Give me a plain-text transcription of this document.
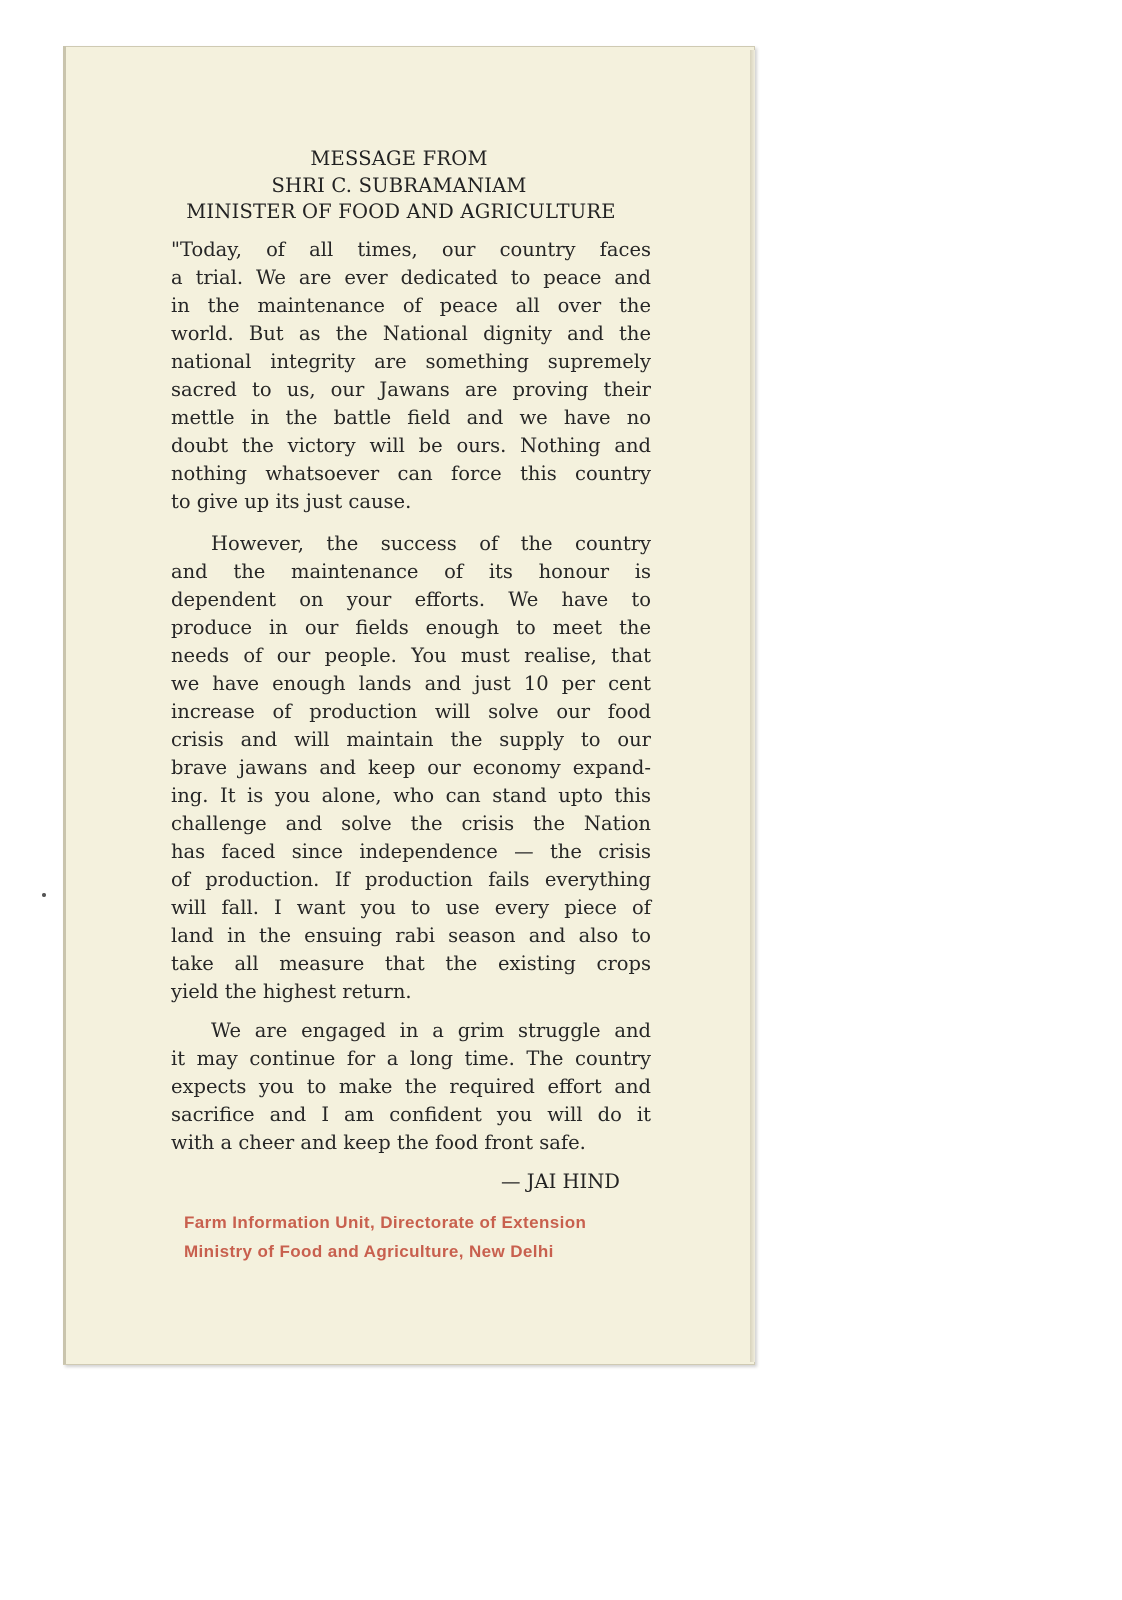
MESSAGE FROM
SHRI C. SUBRAMANIAM
MINISTER OF FOOD AND AGRICULTURE
"Today, of all times, our country faces
a trial. We are ever dedicated to peace and
in the maintenance of peace all over the
world. But as the National dignity and the
national integrity are something supremely
sacred to us, our Jawans are proving their
mettle in the battle field and we have no
doubt the victory will be ours. Nothing and
nothing whatsoever can force this country
to give up its just cause.
However, the success of the country
and the maintenance of its honour is
dependent on your efforts. We have to
produce in our fields enough to meet the
needs of our people. You must realise, that
we have enough lands and just 10 per cent
increase of production will solve our food
crisis and will maintain the supply to our
brave jawans and keep our economy expand-
ing. It is you alone, who can stand upto this
challenge and solve the crisis the Nation
has faced since independence — the crisis
of production. If production fails everything
will fall. I want you to use every piece of
land in the ensuing rabi season and also to
take all measure that the existing crops
yield the highest return.
We are engaged in a grim struggle and
it may continue for a long time. The country
expects you to make the required effort and
sacrifice and I am confident you will do it
with a cheer and keep the food front safe.
— JAI HIND
Farm Information Unit, Directorate of Extension
Ministry of Food and Agriculture, New Delhi
